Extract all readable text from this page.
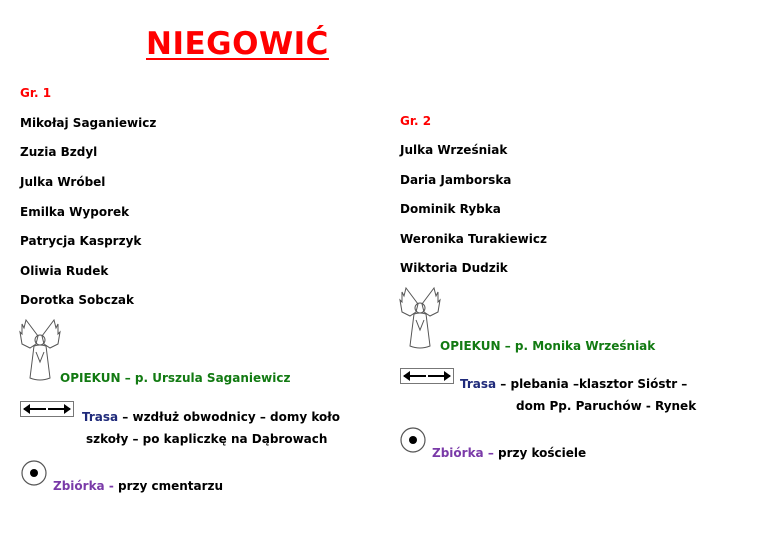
NIEGOWIĆ
Gr. 1
Mikołaj Saganiewicz
Zuzia Bzdyl
Julka Wróbel
Emilka Wyporek
Patrycja Kasprzyk
Oliwia Rudek
Dorotka Sobczak
OPIEKUN – p. Urszula Saganiewicz
Trasa – wzdłuż obwodnicy – domy koło
szkoły – po kapliczkę na Dąbrowach
Zbiórka - przy cmentarzu
Gr. 2
Julka Wrześniak
Daria Jamborska
Dominik Rybka
Weronika Turakiewicz
Wiktoria Dudzik
OPIEKUN – p. Monika Wrześniak
Trasa – plebania –klasztor Sióstr –
dom Pp. Paruchów - Rynek
Zbiórka – przy kościele
